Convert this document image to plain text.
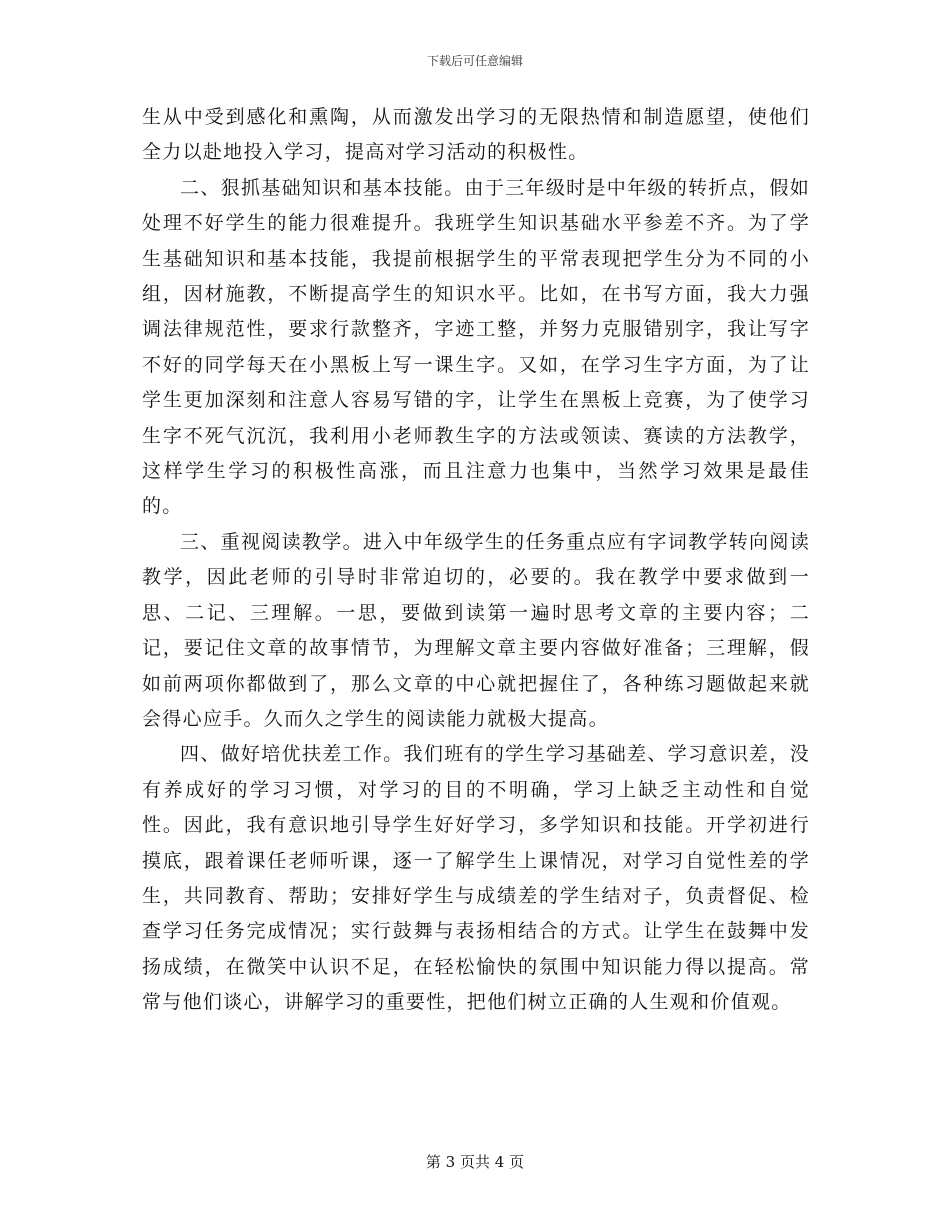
下载后可任意编辑

生从中受到感化和熏陶，从而激发出学习的无限热情和制造愿望，使他们全力以赴地投入学习，提高对学习活动的积极性。

二、狠抓基础知识和基本技能。由于三年级时是中年级的转折点，假如处理不好学生的能力很难提升。我班学生知识基础水平参差不齐。为了学生基础知识和基本技能，我提前根据学生的平常表现把学生分为不同的小组，因材施教，不断提高学生的知识水平。比如，在书写方面，我大力强调法律规范性，要求行款整齐，字迹工整，并努力克服错别字，我让写字不好的同学每天在小黑板上写一课生字。又如，在学习生字方面，为了让学生更加深刻和注意人容易写错的字，让学生在黑板上竞赛，为了使学习生字不死气沉沉，我利用小老师教生字的方法或领读、赛读的方法教学，这样学生学习的积极性高涨，而且注意力也集中，当然学习效果是最佳的。

三、重视阅读教学。进入中年级学生的任务重点应有字词教学转向阅读教学，因此老师的引导时非常迫切的，必要的。我在教学中要求做到一思、二记、三理解。一思，要做到读第一遍时思考文章的主要内容；二记，要记住文章的故事情节，为理解文章主要内容做好准备；三理解，假如前两项你都做到了，那么文章的中心就把握住了，各种练习题做起来就会得心应手。久而久之学生的阅读能力就极大提高。

四、做好培优扶差工作。我们班有的学生学习基础差、学习意识差，没有养成好的学习习惯，对学习的目的不明确，学习上缺乏主动性和自觉性。因此，我有意识地引导学生好好学习，多学知识和技能。开学初进行摸底，跟着课任老师听课，逐一了解学生上课情况，对学习自觉性差的学生，共同教育、帮助；安排好学生与成绩差的学生结对子，负责督促、检查学习任务完成情况；实行鼓舞与表扬相结合的方式。让学生在鼓舞中发扬成绩，在微笑中认识不足，在轻松愉快的氛围中知识能力得以提高。常常与他们谈心，讲解学习的重要性，把他们树立正确的人生观和价值观。

第 3 页共 4 页
